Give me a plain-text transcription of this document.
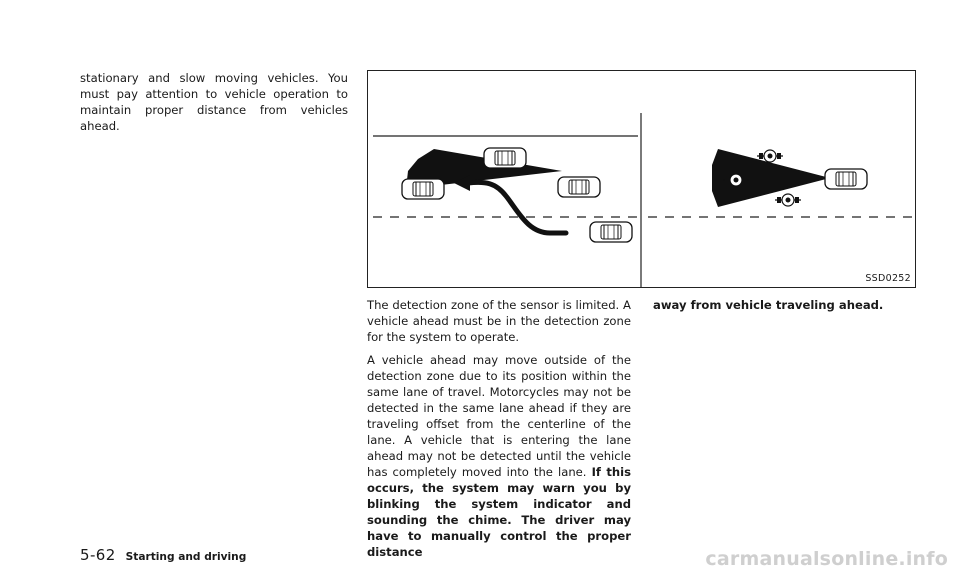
stationary and slow moving vehicles. You must pay attention to vehicle operation to maintain proper distance from vehicles ahead.
SSD0252

The detection zone of the sensor is limited. A vehicle ahead must be in the detection zone for the system to operate.

A vehicle ahead may move outside of the detection zone due to its position within the same lane of travel. Motorcycles may not be detected in the same lane ahead if they are traveling offset from the centerline of the lane. A vehicle that is entering the lane ahead may not be detected until the vehicle has completely moved into the lane. If this occurs, the system may warn you by blinking the system indicator and sounding the chime. The driver may have to manually control the proper distance

away from vehicle traveling ahead.
5-62 Starting and driving	carmanualsonline.info
